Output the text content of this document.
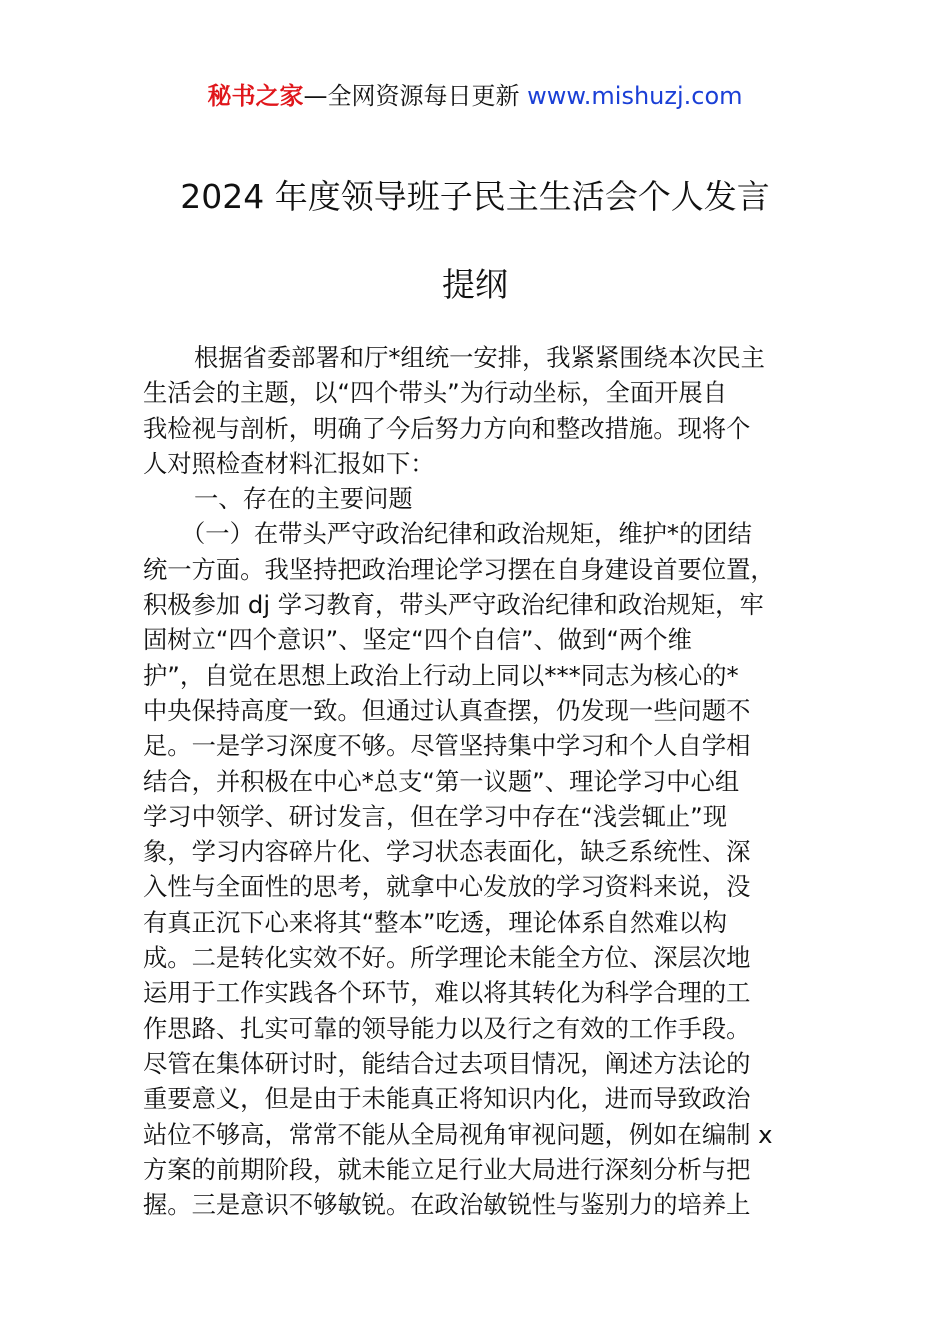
秘书之家—全网资源每日更新 www.mishuzj.com
2024 年度领导班子民主生活会个人发言
提纲
根据省委部署和厅*组统一安排，我紧紧围绕本次民主
生活会的主题，以“四个带头”为行动坐标，全面开展自
我检视与剖析，明确了今后努力方向和整改措施。现将个
人对照检查材料汇报如下：
一、存在的主要问题
（一）在带头严守政治纪律和政治规矩，维护*的团结
统一方面。我坚持把政治理论学习摆在自身建设首要位置，
积极参加 dj 学习教育，带头严守政治纪律和政治规矩，牢
固树立“四个意识”、坚定“四个自信”、做到“两个维
护”，自觉在思想上政治上行动上同以***同志为核心的*
中央保持高度一致。但通过认真查摆，仍发现一些问题不
足。一是学习深度不够。尽管坚持集中学习和个人自学相
结合，并积极在中心*总支“第一议题”、理论学习中心组
学习中领学、研讨发言，但在学习中存在“浅尝辄止”现
象，学习内容碎片化、学习状态表面化，缺乏系统性、深
入性与全面性的思考，就拿中心发放的学习资料来说，没
有真正沉下心来将其“整本”吃透，理论体系自然难以构
成。二是转化实效不好。所学理论未能全方位、深层次地
运用于工作实践各个环节，难以将其转化为科学合理的工
作思路、扎实可靠的领导能力以及行之有效的工作手段。
尽管在集体研讨时，能结合过去项目情况，阐述方法论的
重要意义，但是由于未能真正将知识内化，进而导致政治
站位不够高，常常不能从全局视角审视问题，例如在编制 x
方案的前期阶段，就未能立足行业大局进行深刻分析与把
握。三是意识不够敏锐。在政治敏锐性与鉴别力的培养上
